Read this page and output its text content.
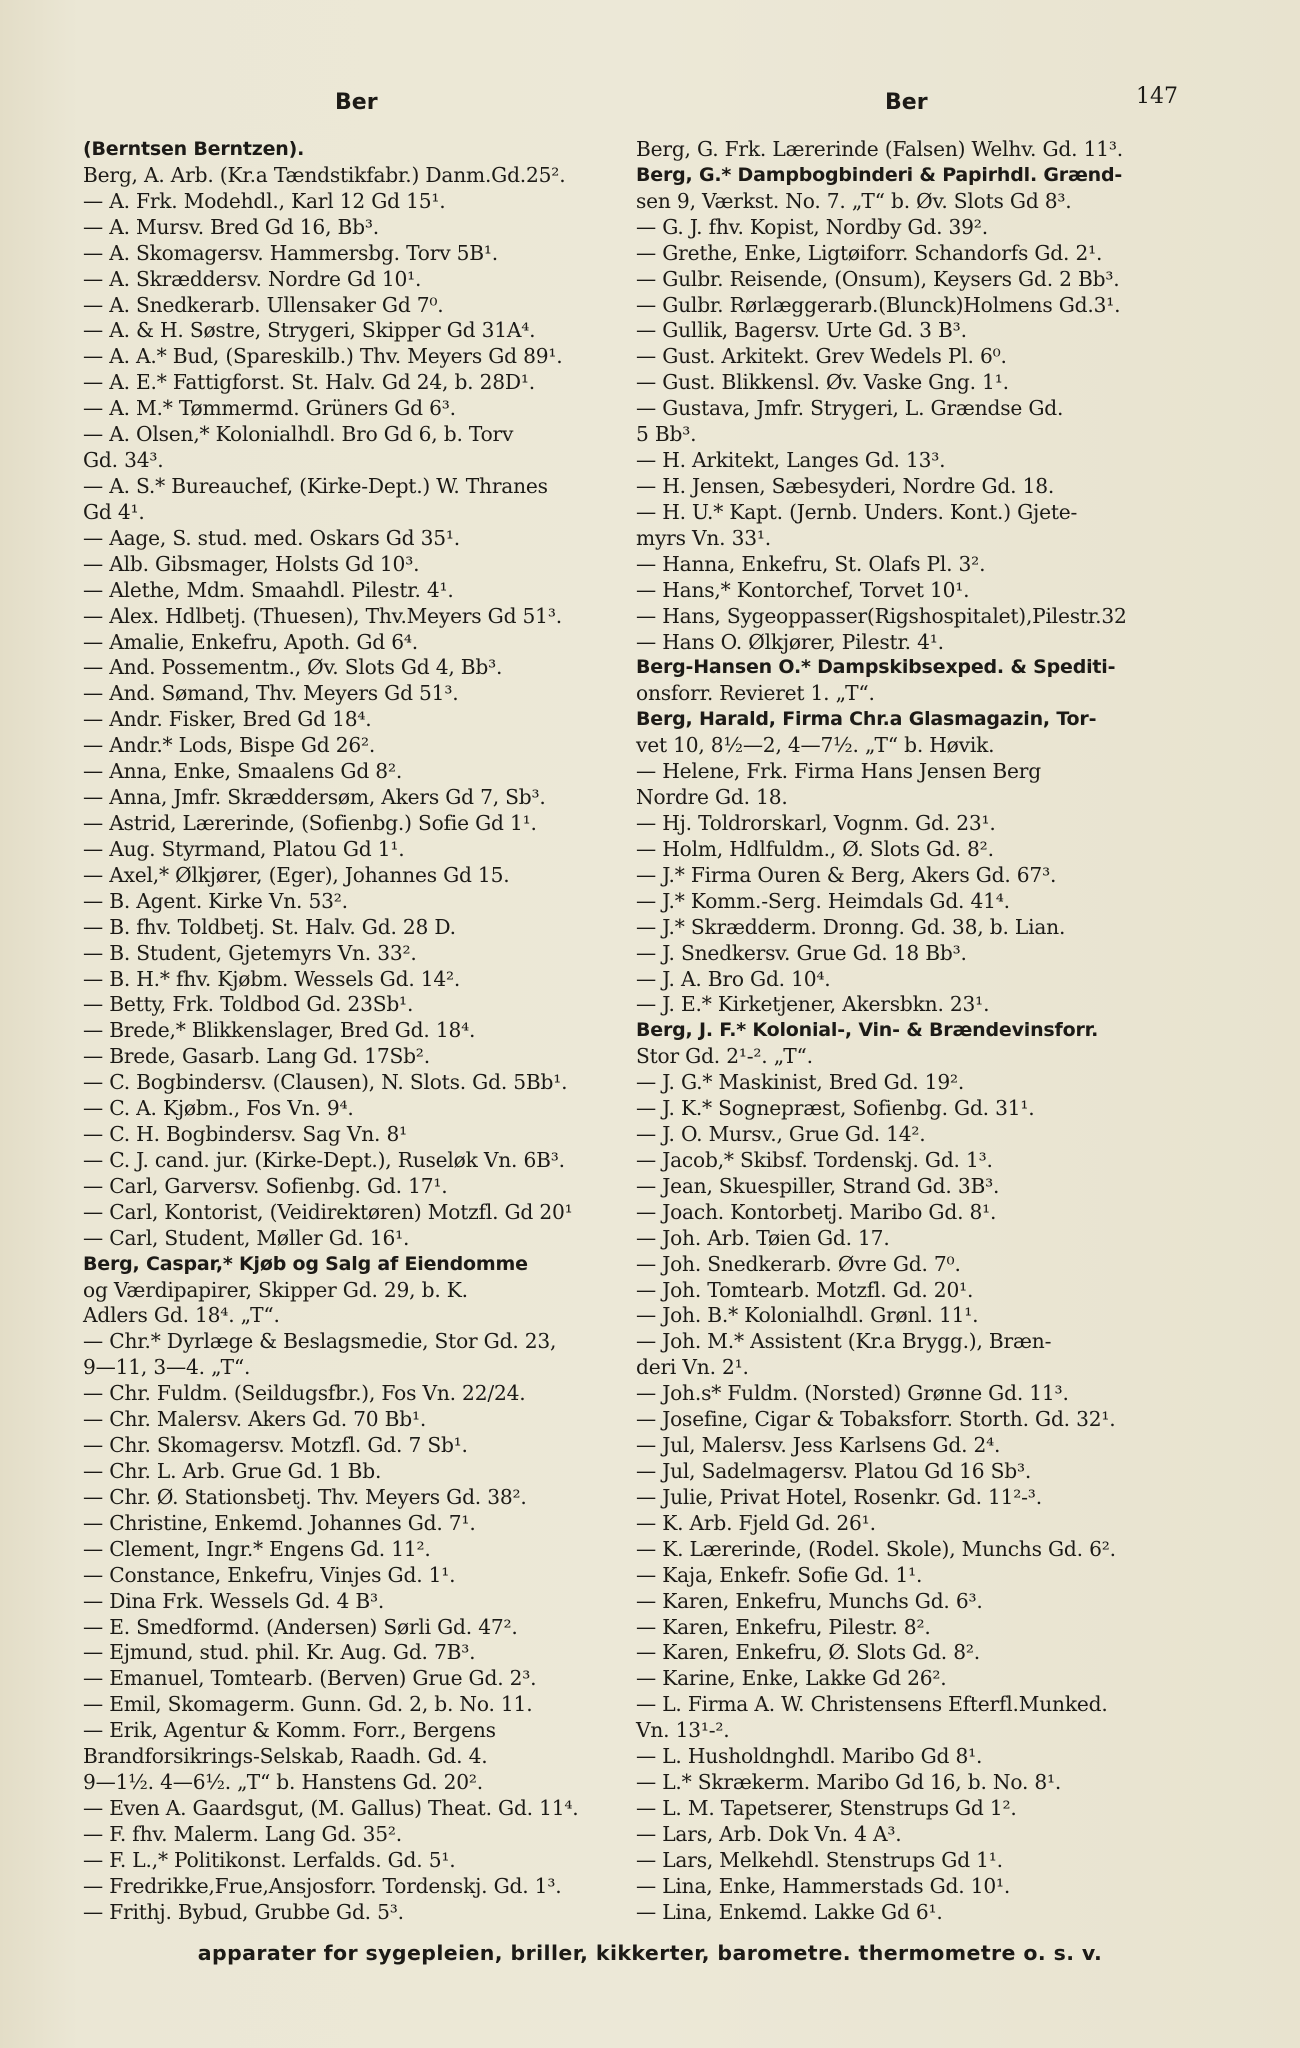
Ber	Ber	147
(Berntsen Berntzen).
Berg, A. Arb. (Kr.a Tændstikfabr.) Danm.Gd.25².
— A. Frk. Modehdl., Karl 12 Gd 15¹.
— A. Mursv. Bred Gd 16, Bb³.
— A. Skomagersv. Hammersbg. Torv 5B¹.
— A. Skræddersv. Nordre Gd 10¹.
— A. Snedkerarb. Ullensaker Gd 7⁰.
— A. & H. Søstre, Strygeri, Skipper Gd 31A⁴.
— A. A.* Bud, (Spareskilb.) Thv. Meyers Gd 89¹.
— A. E.* Fattigforst. St. Halv. Gd 24, b. 28D¹.
— A. M.* Tømmermd. Grüners Gd 6³.
— A. Olsen,* Kolonialhdl. Bro Gd 6, b. Torv
Gd. 34³.
— A. S.* Bureauchef, (Kirke-Dept.) W. Thranes
Gd 4¹.
— Aage, S. stud. med. Oskars Gd 35¹.
— Alb. Gibsmager, Holsts Gd 10³.
— Alethe, Mdm. Smaahdl. Pilestr. 4¹.
— Alex. Hdlbetj. (Thuesen), Thv.Meyers Gd 51³.
— Amalie, Enkefru, Apoth. Gd 6⁴.
— And. Possementm., Øv. Slots Gd 4, Bb³.
— And. Sømand, Thv. Meyers Gd 51³.
— Andr. Fisker, Bred Gd 18⁴.
— Andr.* Lods, Bispe Gd 26².
— Anna, Enke, Smaalens Gd 8².
— Anna, Jmfr. Skræddersøm, Akers Gd 7, Sb³.
— Astrid, Lærerinde, (Sofienbg.) Sofie Gd 1¹.
— Aug. Styrmand, Platou Gd 1¹.
— Axel,* Ølkjører, (Eger), Johannes Gd 15.
— B. Agent. Kirke Vn. 53².
— B. fhv. Toldbetj. St. Halv. Gd. 28 D.
— B. Student, Gjetemyrs Vn. 33².
— B. H.* fhv. Kjøbm. Wessels Gd. 14².
— Betty, Frk. Toldbod Gd. 23Sb¹.
— Brede,* Blikkenslager, Bred Gd. 18⁴.
— Brede, Gasarb. Lang Gd. 17Sb².
— C. Bogbindersv. (Clausen), N. Slots. Gd. 5Bb¹.
— C. A. Kjøbm., Fos Vn. 9⁴.
— C. H. Bogbindersv. Sag Vn. 8¹
— C. J. cand. jur. (Kirke-Dept.), Ruseløk Vn. 6B³.
— Carl, Garversv. Sofienbg. Gd. 17¹.
— Carl, Kontorist, (Veidirektøren) Motzfl. Gd 20¹
— Carl, Student, Møller Gd. 16¹.
Berg, Caspar,* Kjøb og Salg af Eiendomme
og Værdipapirer, Skipper Gd. 29, b. K.
Adlers Gd. 18⁴. „T“.
— Chr.* Dyrlæge & Beslagsmedie, Stor Gd. 23,
9—11, 3—4. „T“.
— Chr. Fuldm. (Seildugsfbr.), Fos Vn. 22/24.
— Chr. Malersv. Akers Gd. 70 Bb¹.
— Chr. Skomagersv. Motzfl. Gd. 7 Sb¹.
— Chr. L. Arb. Grue Gd. 1 Bb.
— Chr. Ø. Stationsbetj. Thv. Meyers Gd. 38².
— Christine, Enkemd. Johannes Gd. 7¹.
— Clement, Ingr.* Engens Gd. 11².
— Constance, Enkefru, Vinjes Gd. 1¹.
— Dina Frk. Wessels Gd. 4 B³.
— E. Smedformd. (Andersen) Sørli Gd. 47².
— Ejmund, stud. phil. Kr. Aug. Gd. 7B³.
— Emanuel, Tomtearb. (Berven) Grue Gd. 2³.
— Emil, Skomagerm. Gunn. Gd. 2, b. No. 11.
— Erik, Agentur & Komm. Forr., Bergens
Brandforsikrings-Selskab, Raadh. Gd. 4.
9—1½. 4—6½. „T“ b. Hanstens Gd. 20².
— Even A. Gaardsgut, (M. Gallus) Theat. Gd. 11⁴.
— F. fhv. Malerm. Lang Gd. 35².
— F. L.,* Politikonst. Lerfalds. Gd. 5¹.
— Fredrikke,Frue,Ansjosforr. Tordenskj. Gd. 1³.
— Frithj. Bybud, Grubbe Gd. 5³.
Berg, G. Frk. Lærerinde (Falsen) Welhv. Gd. 11³.
Berg, G.* Dampbogbinderi & Papirhdl. Grænd-
sen 9, Værkst. No. 7. „T“ b. Øv. Slots Gd 8³.
— G. J. fhv. Kopist, Nordby Gd. 39².
— Grethe, Enke, Ligtøiforr. Schandorfs Gd. 2¹.
— Gulbr. Reisende, (Onsum), Keysers Gd. 2 Bb³.
— Gulbr. Rørlæggerarb.(Blunck)Holmens Gd.3¹.
— Gullik, Bagersv. Urte Gd. 3 B³.
— Gust. Arkitekt. Grev Wedels Pl. 6⁰.
— Gust. Blikkensl. Øv. Vaske Gng. 1¹.
— Gustava, Jmfr. Strygeri, L. Grændse Gd.
5 Bb³.
— H. Arkitekt, Langes Gd. 13³.
— H. Jensen, Sæbesyderi, Nordre Gd. 18.
— H. U.* Kapt. (Jernb. Unders. Kont.) Gjete-
myrs Vn. 33¹.
— Hanna, Enkefru, St. Olafs Pl. 3².
— Hans,* Kontorchef, Torvet 10¹.
— Hans, Sygeoppasser(Rigshospitalet),Pilestr.32
— Hans O. Ølkjører, Pilestr. 4¹.
Berg-Hansen O.* Dampskibsexped. & Spediti-
onsforr. Revieret 1. „T“.
Berg, Harald, Firma Chr.a Glasmagazin, Tor-
vet 10, 8½—2, 4—7½. „T“ b. Høvik.
— Helene, Frk. Firma Hans Jensen Berg
Nordre Gd. 18.
— Hj. Toldrorskarl, Vognm. Gd. 23¹.
— Holm, Hdlfuldm., Ø. Slots Gd. 8².
— J.* Firma Ouren & Berg, Akers Gd. 67³.
— J.* Komm.-Serg. Heimdals Gd. 41⁴.
— J.* Skrædderm. Dronng. Gd. 38, b. Lian.
— J. Snedkersv. Grue Gd. 18 Bb³.
— J. A. Bro Gd. 10⁴.
— J. E.* Kirketjener, Akersbkn. 23¹.
Berg, J. F.* Kolonial-, Vin- & Brændevinsforr.
Stor Gd. 2¹-². „T“.
— J. G.* Maskinist, Bred Gd. 19².
— J. K.* Sognepræst, Sofienbg. Gd. 31¹.
— J. O. Mursv., Grue Gd. 14².
— Jacob,* Skibsf. Tordenskj. Gd. 1³.
— Jean, Skuespiller, Strand Gd. 3B³.
— Joach. Kontorbetj. Maribo Gd. 8¹.
— Joh. Arb. Tøien Gd. 17.
— Joh. Snedkerarb. Øvre Gd. 7⁰.
— Joh. Tomtearb. Motzfl. Gd. 20¹.
— Joh. B.* Kolonialhdl. Grønl. 11¹.
— Joh. M.* Assistent (Kr.a Brygg.), Bræn-
deri Vn. 2¹.
— Joh.s* Fuldm. (Norsted) Grønne Gd. 11³.
— Josefine, Cigar & Tobaksforr. Storth. Gd. 32¹.
— Jul, Malersv. Jess Karlsens Gd. 2⁴.
— Jul, Sadelmagersv. Platou Gd 16 Sb³.
— Julie, Privat Hotel, Rosenkr. Gd. 11²-³.
— K. Arb. Fjeld Gd. 26¹.
— K. Lærerinde, (Rodel. Skole), Munchs Gd. 6².
— Kaja, Enkefr. Sofie Gd. 1¹.
— Karen, Enkefru, Munchs Gd. 6³.
— Karen, Enkefru, Pilestr. 8².
— Karen, Enkefru, Ø. Slots Gd. 8².
— Karine, Enke, Lakke Gd 26².
— L. Firma A. W. Christensens Efterfl.Munked.
Vn. 13¹-².
— L. Husholdnghdl. Maribo Gd 8¹.
— L.* Skrækerm. Maribo Gd 16, b. No. 8¹.
— L. M. Tapetserer, Stenstrups Gd 1².
— Lars, Arb. Dok Vn. 4 A³.
— Lars, Melkehdl. Stenstrups Gd 1¹.
— Lina, Enke, Hammerstads Gd. 10¹.
— Lina, Enkemd. Lakke Gd 6¹.
apparater for sygepleien, briller, kikkerter, barometre. thermometre o. s. v.
